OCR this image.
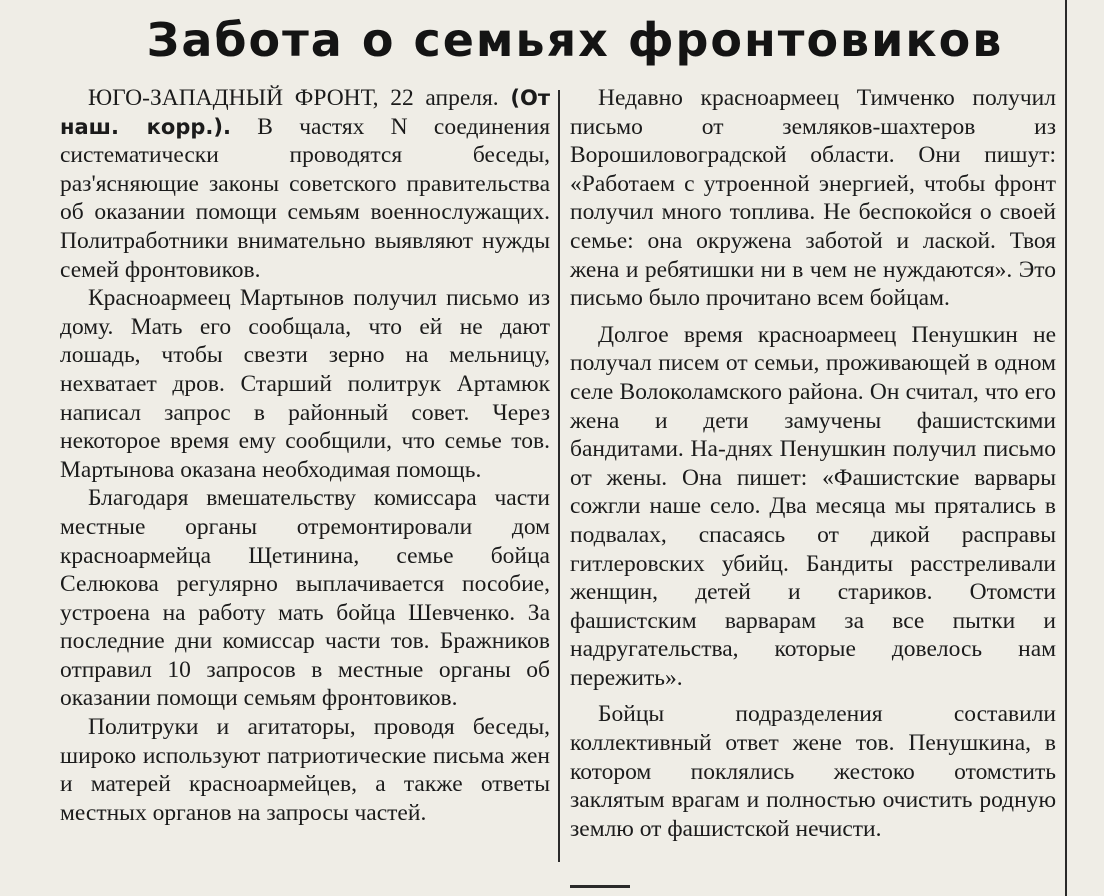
Забота о семьях фронтовиков

ЮГО-ЗАПАДНЫЙ ФРОНТ, 22 апреля. (От наш. корр.). В частях N соединения систематически проводятся беседы, раз'ясняющие законы советского правительства об оказании помощи семьям военнослужащих. Политработники внимательно выявляют нужды семей фронтовиков.

Красноармеец Мартынов получил письмо из дому. Мать его сообщала, что ей не дают лошадь, чтобы свезти зерно на мельницу, нехватает дров. Старший политрук Артамюк написал запрос в районный совет. Через некоторое время ему сообщили, что семье тов. Мартынова оказана необходимая помощь.

Благодаря вмешательству комиссара части местные органы отремонтировали дом красноармейца Щетинина, семье бойца Селюкова регулярно выплачивается пособие, устроена на работу мать бойца Шевченко. За последние дни комиссар части тов. Бражников отправил 10 запросов в местные органы об оказании помощи семьям фронтовиков.

Политруки и агитаторы, проводя беседы, широко используют патриотические письма жен и матерей красноармейцев, а также ответы местных органов на запросы частей.

Недавно красноармеец Тимченко получил письмо от земляков-шахтеров из Ворошиловоградской области. Они пишут: «Работаем с утроенной энергией, чтобы фронт получил много топлива. Не беспокойся о своей семье: она окружена заботой и лаской. Твоя жена и ребятишки ни в чем не нуждаются». Это письмо было прочитано всем бойцам.

Долгое время красноармеец Пенушкин не получал писем от семьи, проживающей в одном селе Волоколамского района. Он считал, что его жена и дети замучены фашистскими бандитами. На-днях Пенушкин получил письмо от жены. Она пишет: «Фашистские варвары сожгли наше село. Два месяца мы прятались в подвалах, спасаясь от дикой расправы гитлеровских убийц. Бандиты расстреливали женщин, детей и стариков. Отомсти фашистским варварам за все пытки и надругательства, которые довелось нам пережить».

Бойцы подразделения составили коллективный ответ жене тов. Пенушкина, в котором поклялись жестоко отомстить заклятым врагам и полностью очистить родную землю от фашистской нечисти.
